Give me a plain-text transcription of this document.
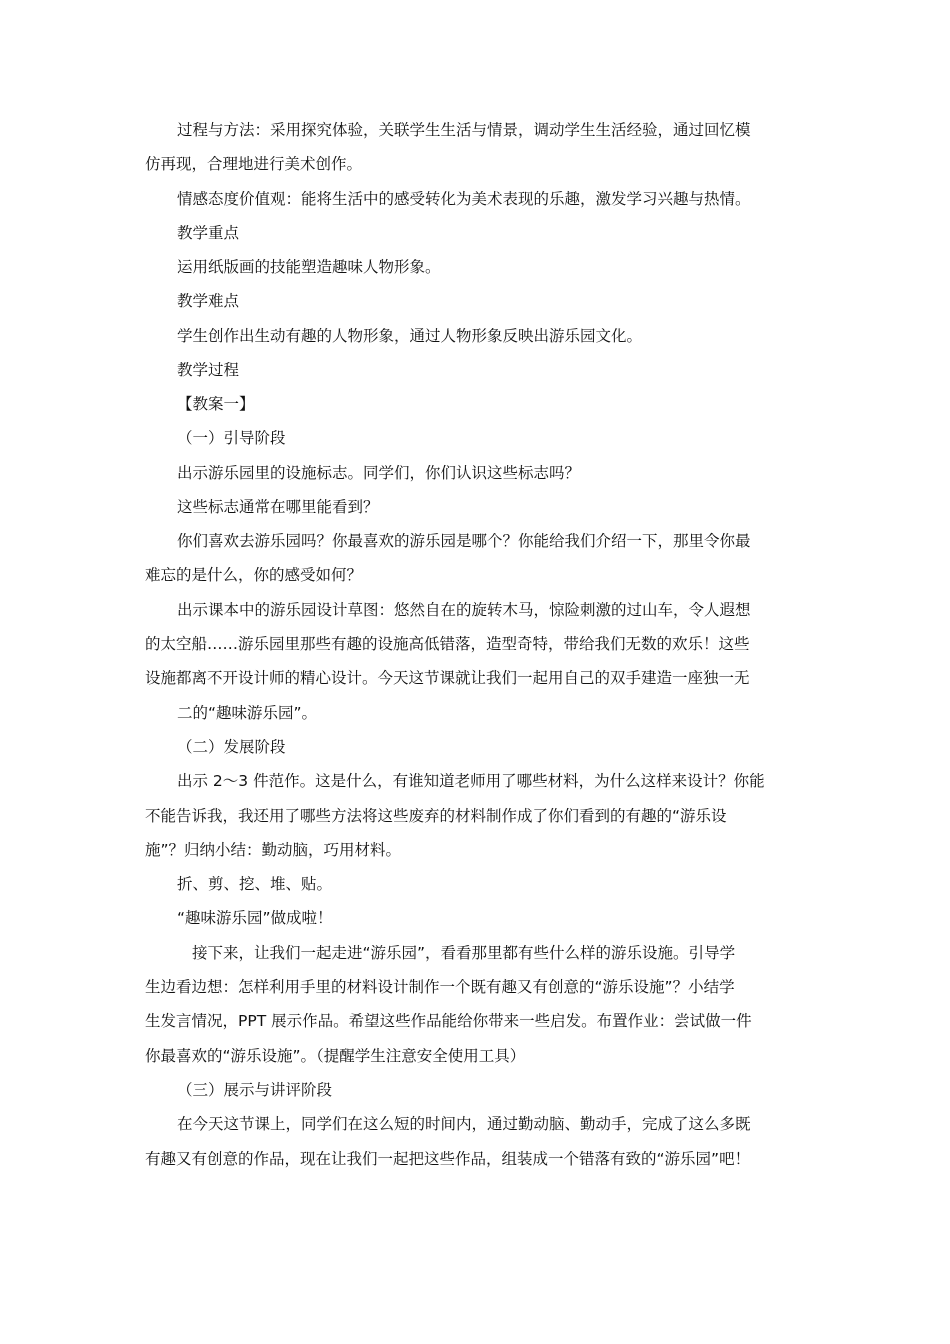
过程与方法：采用探究体验，关联学生生活与情景，调动学生生活经验，通过回忆模

仿再现，合理地进行美术创作。

情感态度价值观：能将生活中的感受转化为美术表现的乐趣，激发学习兴趣与热情。

教学重点

运用纸版画的技能塑造趣味人物形象。

教学难点

学生创作出生动有趣的人物形象，通过人物形象反映出游乐园文化。

教学过程

【教案一】

（一）引导阶段

出示游乐园里的设施标志。同学们，你们认识这些标志吗？

这些标志通常在哪里能看到？

你们喜欢去游乐园吗？你最喜欢的游乐园是哪个？你能给我们介绍一下，那里令你最

难忘的是什么，你的感受如何？

出示课本中的游乐园设计草图：悠然自在的旋转木马，惊险刺激的过山车，令人遐想

的太空船……游乐园里那些有趣的设施高低错落，造型奇特，带给我们无数的欢乐！这些

设施都离不开设计师的精心设计。今天这节课就让我们一起用自己的双手建造一座独一无

二的“趣味游乐园”。

（二）发展阶段

出示 2～3 件范作。这是什么，有谁知道老师用了哪些材料，为什么这样来设计？你能

不能告诉我，我还用了哪些方法将这些废弃的材料制作成了你们看到的有趣的“游乐设

施”？归纳小结：勤动脑，巧用材料。

折、剪、挖、堆、贴。

“趣味游乐园”做成啦！

接下来，让我们一起走进“游乐园”，看看那里都有些什么样的游乐设施。引导学

生边看边想：怎样利用手里的材料设计制作一个既有趣又有创意的“游乐设施”？小结学

生发言情况，PPT 展示作品。希望这些作品能给你带来一些启发。布置作业：尝试做一件

你最喜欢的“游乐设施”。（提醒学生注意安全使用工具）

（三）展示与讲评阶段

在今天这节课上，同学们在这么短的时间内，通过勤动脑、勤动手，完成了这么多既

有趣又有创意的作品，现在让我们一起把这些作品，组装成一个错落有致的“游乐园”吧！
